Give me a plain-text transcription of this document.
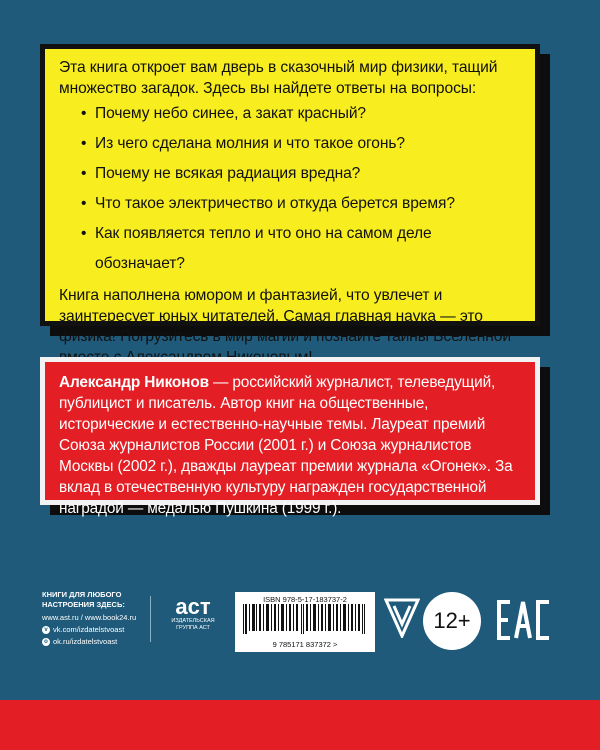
Эта книга откроет вам дверь в сказочный мир физики, тащий множество загадок. Здесь вы найдете ответы на вопросы:

• Почему небо синее, а закат красный?
• Из чего сделана молния и что такое огонь?
• Почему не всякая радиация вредна?
• Что такое электричество и откуда берется время?
• Как появляется тепло и что оно на самом деле обозначает?

Книга наполнена юмором и фантазией, что увлечет и заинтересует юных читателей. Самая главная наука — это физика! Погрузитесь в мир магии и познайте тайны Вселенной

Александр Никонов — российский журналист, телеведущий, публицист и писатель. Автор книг на общественные, исторические и естественно-научные темы. Лауреат премий Союза журналистов России (2001 г.) и Союза журналистов Москвы (2002 г.), дважды лауреат премии журнала «Огонек». За вклад в отечественную культуру награжден государственной наградой — медалью Пушкина (1999 г.).

КНИГИ ДЛЯ ЛЮБОГО
НАСТРОЕНИЯ ЗДЕСЬ:
www.ast.ru / www.book24.ru
v vk.com/izdatelstvoast
o ok.ru/izdatelstvoast
аст
ИЗДАТЕЛЬСКАЯ
ГРУППА АСТ
ISBN 978-5-17-183737-2
9 785171 837372 >
12+
